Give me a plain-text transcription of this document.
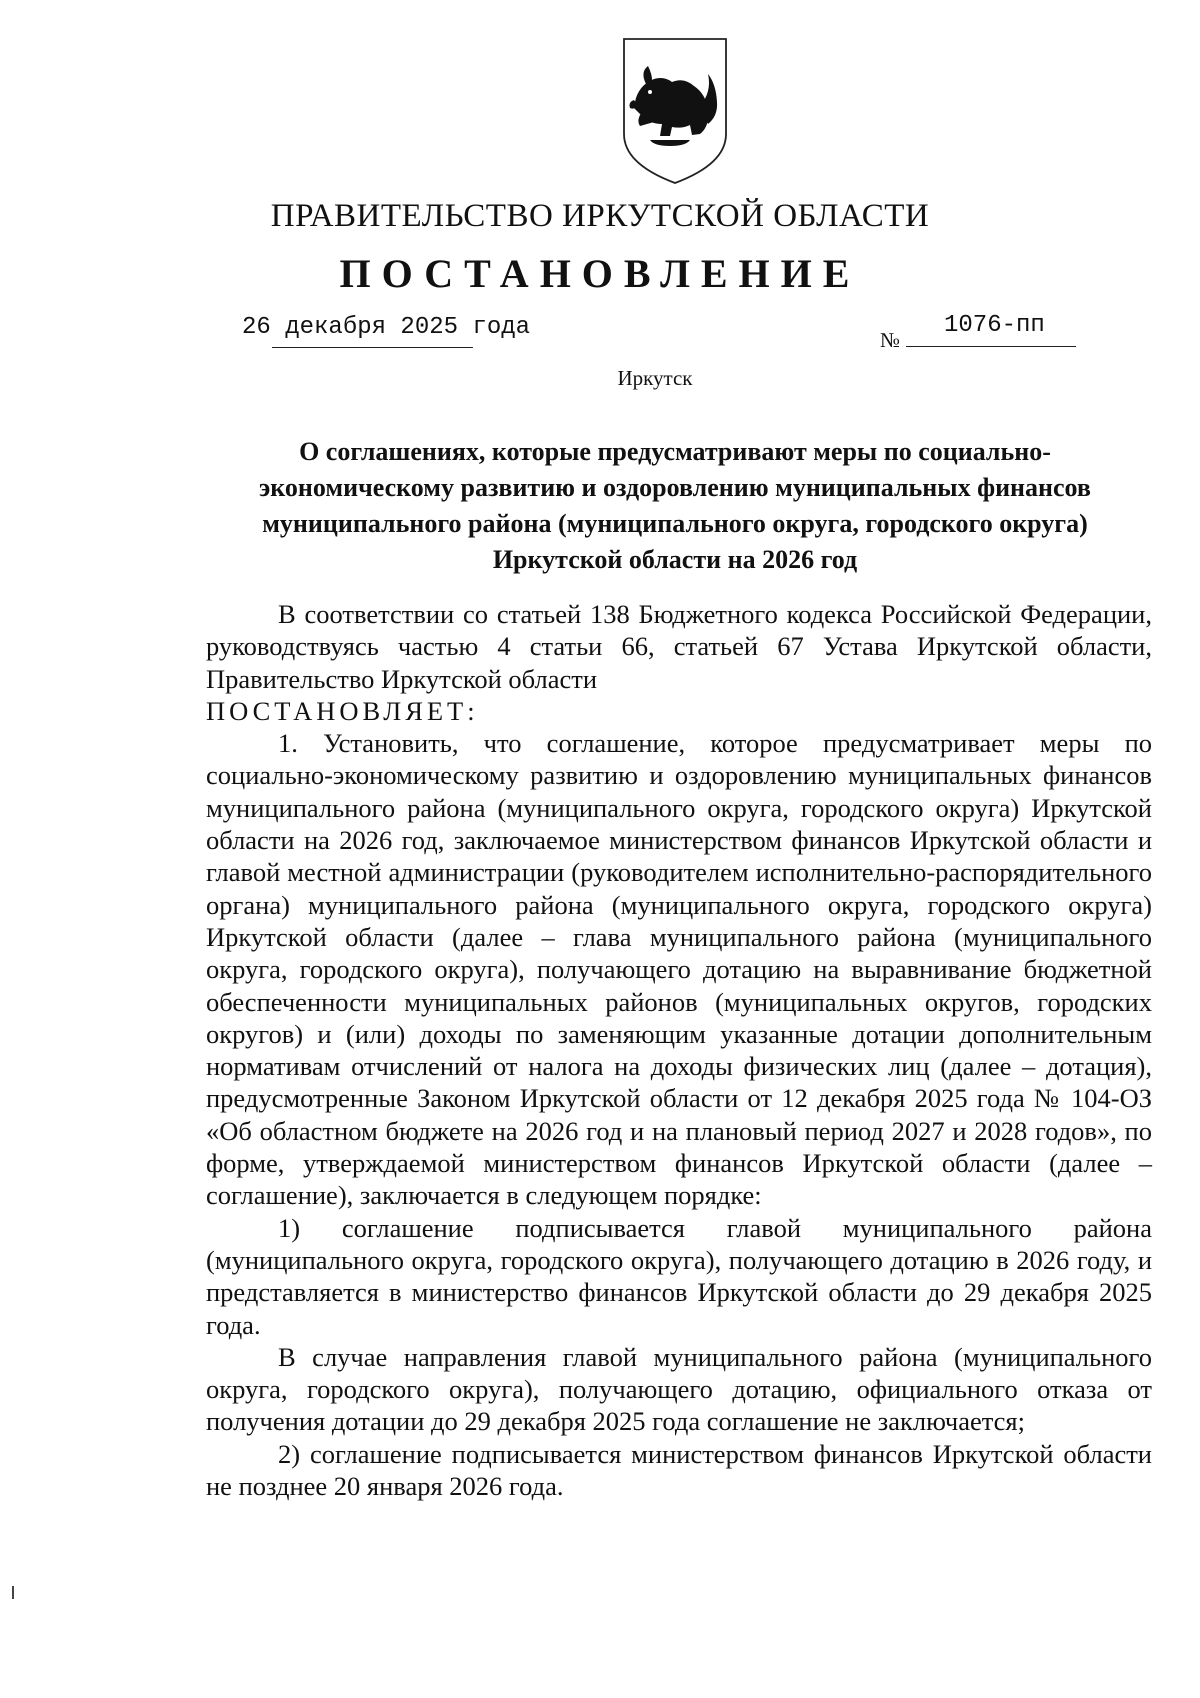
ПРАВИТЕЛЬСТВО ИРКУТСКОЙ ОБЛАСТИ
ПОСТАНОВЛЕНИЕ
26 декабря 2025 года	№
1076-пп
Иркутск
О соглашениях, которые предусматривают меры по социально-экономическому развитию и оздоровлению муниципальных финансов муниципального района (муниципального округа, городского округа) Иркутской области на 2026 год

В соответствии со статьей 138 Бюджетного кодекса Российской Федерации, руководствуясь частью 4 статьи 66, статьей 67 Устава Иркутской области, Правительство Иркутской области

ПОСТАНОВЛЯЕТ:

1. Установить, что соглашение, которое предусматривает меры по социально-экономическому развитию и оздоровлению муниципальных финансов муниципального района (муниципального округа, городского округа) Иркутской области на 2026 год, заключаемое министерством финансов Иркутской области и главой местной администрации (руководителем исполнительно-распорядительного органа) муниципального района (муниципального округа, городского округа) Иркутской области (далее – глава муниципального района (муниципального округа, городского округа), получающего дотацию на выравнивание бюджетной обеспеченности муниципальных районов (муниципальных округов, городских округов) и (или) доходы по заменяющим указанные дотации дополнительным нормативам отчислений от налога на доходы физических лиц (далее – дотация), предусмотренные Законом Иркутской области от 12 декабря 2025 года № 104-ОЗ «Об областном бюджете на 2026 год и на плановый период 2027 и 2028 годов», по форме, утверждаемой министерством финансов Иркутской области (далее – соглашение), заключается в следующем порядке:

1) соглашение подписывается главой муниципального района (муниципального округа, городского округа), получающего дотацию в 2026 году, и представляется в министерство финансов Иркутской области до 29 декабря 2025 года.

В случае направления главой муниципального района (муниципального округа, городского округа), получающего дотацию, официального отказа от получения дотации до 29 декабря 2025 года соглашение не заключается;

2) соглашение подписывается министерством финансов Иркутской области не позднее 20 января 2026 года.
